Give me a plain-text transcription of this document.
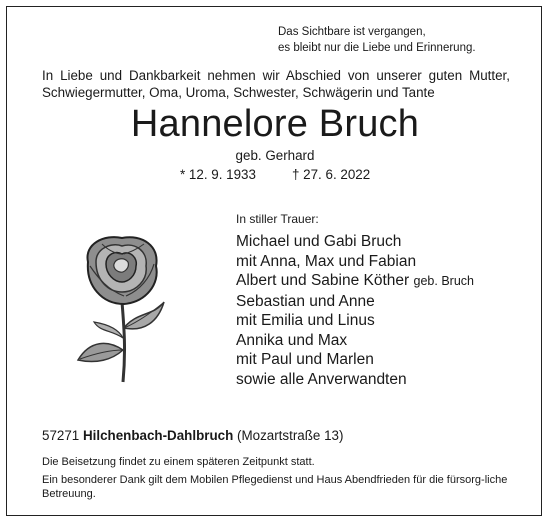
Das Sichtbare ist vergangen,
es bleibt nur die Liebe und Erinnerung.
In Liebe und Dankbarkeit nehmen wir Abschied von unserer guten Mutter,
Schwiegermutter, Oma, Uroma, Schwester, Schwägerin und Tante
Hannelore Bruch
geb. Gerhard
* 12. 9. 1933	† 27. 6. 2022
In stiller Trauer:
Michael und Gabi Bruch
mit Anna, Max und Fabian
Albert und Sabine Köther geb. Bruch
Sebastian und Anne
mit Emilia und Linus
Annika und Max
mit Paul und Marlen
sowie alle Anverwandten
57271 Hilchenbach-Dahlbruch (Mozartstraße 13)
Die Beisetzung findet zu einem späteren Zeitpunkt statt.
Ein besonderer Dank gilt dem Mobilen Pflegedienst und Haus Abendfrieden für die fürsorg-liche Betreuung.
